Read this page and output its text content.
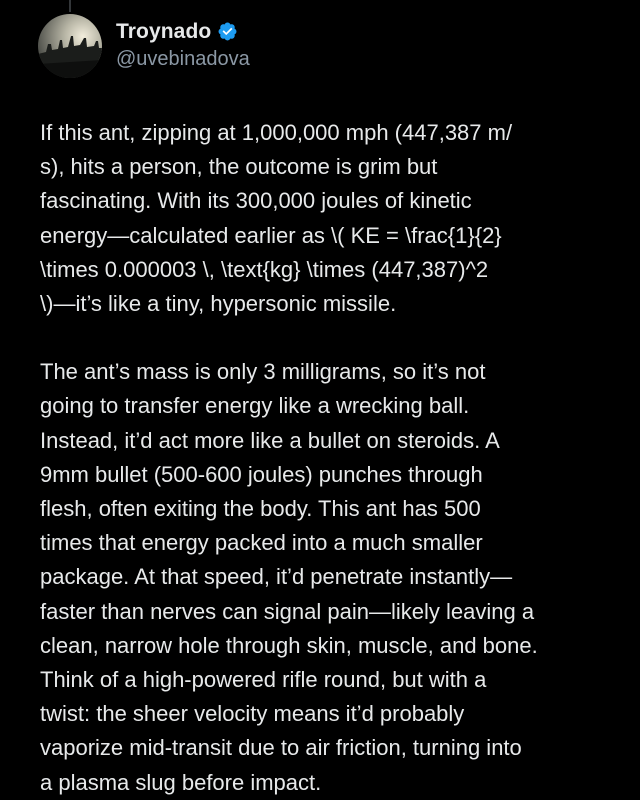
Troynado
@uvebinadova

If this ant, zipping at 1,000,000 mph (447,387 m/
s), hits a person, the outcome is grim but
fascinating. With its 300,000 joules of kinetic
energy—calculated earlier as \( KE = \frac{1}{2}
\times 0.000003 \, \text{kg} \times (447,387)^2
\)—it’s like a tiny, hypersonic missile.

The ant’s mass is only 3 milligrams, so it’s not
going to transfer energy like a wrecking ball.
Instead, it’d act more like a bullet on steroids. A
9mm bullet (500-600 joules) punches through
flesh, often exiting the body. This ant has 500
times that energy packed into a much smaller
package. At that speed, it’d penetrate instantly—
faster than nerves can signal pain—likely leaving a
clean, narrow hole through skin, muscle, and bone.
Think of a high-powered rifle round, but with a
twist: the sheer velocity means it’d probably
vaporize mid-transit due to air friction, turning into
a plasma slug before impact.
